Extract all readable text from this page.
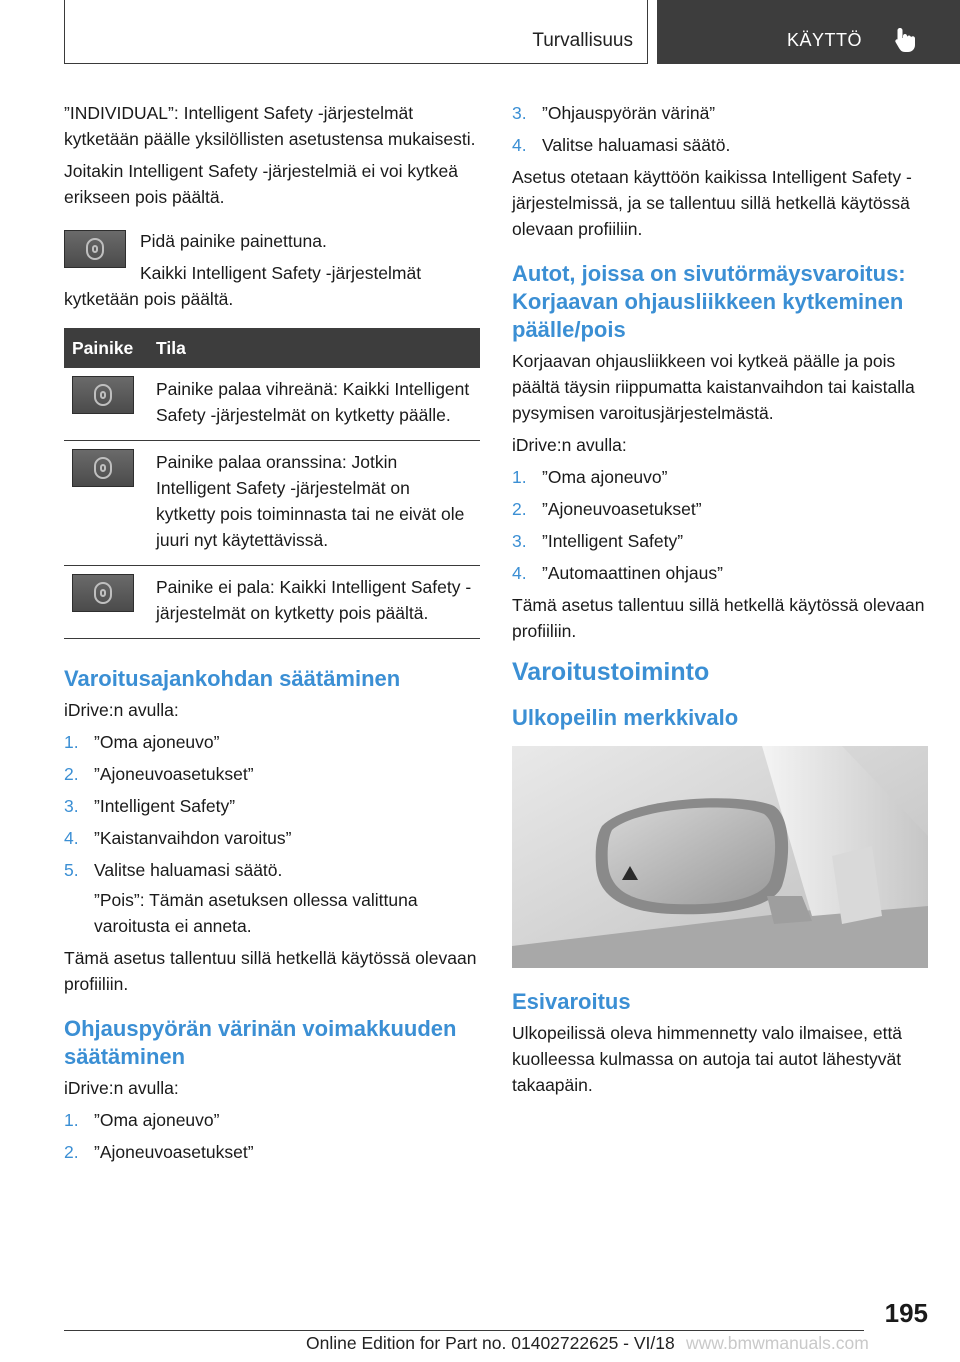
Turvallisuus	KÄYTTÖ

”INDIVIDUAL”: Intelligent Safety -järjestelmät kytketään päälle yksilöllisten asetustensa mukaisesti.

Joitakin Intelligent Safety -järjestelmiä ei voi kytkeä erikseen pois päältä.

Pidä painike painettuna.

Kaikki Intelligent Safety -järjestelmät kytketään pois päältä.

Painike	Tila

	Painike palaa vihreänä: Kaikki Intelligent Safety -järjestelmät on kytketty päälle.

	Painike palaa oranssina: Jotkin Intelligent Safety -järjestelmät on kytketty pois toiminnasta tai ne eivät ole juuri nyt käytettävissä.

	Painike ei pala: Kaikki Intelligent Safety -järjestelmät on kytketty pois päältä.
Varoitusajankohdan säätäminen

iDrive:n avulla:

1. ”Oma ajoneuvo”
2. ”Ajoneuvoasetukset”
3. ”Intelligent Safety”
4. ”Kaistanvaihdon varoitus”
5. Valitse haluamasi säätö.

”Pois”: Tämän asetuksen ollessa valittuna varoitusta ei anneta.

Tämä asetus tallentuu sillä hetkellä käytössä olevaan profiiliin.

Ohjauspyörän värinän voimakkuuden säätäminen

iDrive:n avulla:

1. ”Oma ajoneuvo”
2. ”Ajoneuvoasetukset”
3. ”Ohjauspyörän värinä”
4. Valitse haluamasi säätö.

Asetus otetaan käyttöön kaikissa Intelligent Safety -järjestelmissä, ja se tallentuu sillä hetkellä käytössä olevaan profiiliin.

Autot, joissa on sivutörmäysvaroitus: Korjaavan ohjausliikkeen kytkeminen päälle/pois

Korjaavan ohjausliikkeen voi kytkeä päälle ja pois päältä täysin riippumatta kaistanvaihdon tai kaistalla pysymisen varoitusjärjestelmästä.

iDrive:n avulla:

1. ”Oma ajoneuvo”
2. ”Ajoneuvoasetukset”
3. ”Intelligent Safety”
4. ”Automaattinen ohjaus”

Tämä asetus tallentuu sillä hetkellä käytössä olevaan profiiliin.

Varoitustoiminto
Ulkopeilin merkkivalo
Esivaroitus

Ulkopeilissä oleva himmennetty valo ilmaisee, että kuolleessa kulmassa on autoja tai autot lähestyvät takaapäin.

195
Online Edition for Part no. 01402722625 - VI/18 www.bmwmanuals.com
